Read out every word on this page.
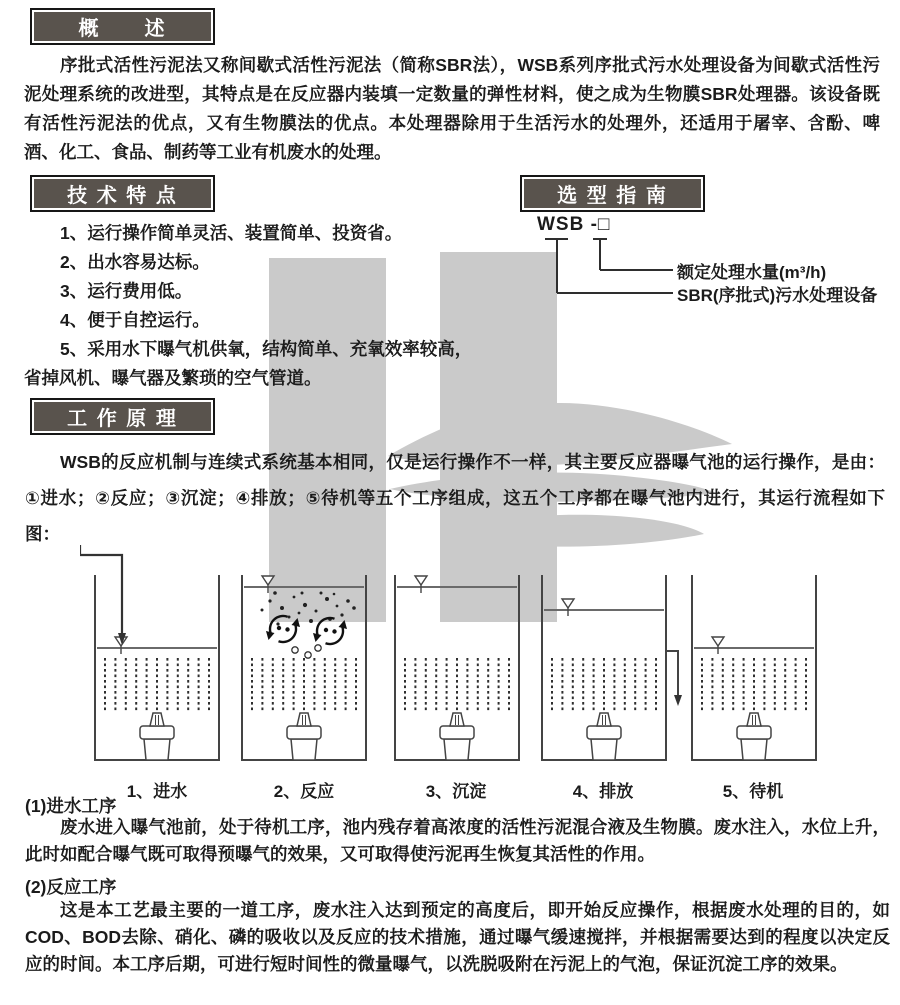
概　　述

序批式活性污泥法又称间歇式活性污泥法（简称SBR法），WSB系列序批式污水处理设备为间歇式活性污泥处理系统的改进型，其特点是在反应器内装填一定数量的弹性材料，使之成为生物膜SBR处理器。该设备既有活性污泥法的优点，又有生物膜法的优点。本处理器除用于生活污水的处理外，还适用于屠宰、含酚、啤酒、化工、食品、制药等工业有机废水的处理。

技 术 特 点
1、运行操作简单灵活、装置简单、投资省。
2、出水容易达标。
3、运行费用低。
4、便于自控运行。
5、采用水下曝气机供氧，结构简单、充氧效率较高，省掉风机、曝气器及繁琐的空气管道。
选 型 指 南
WSB -□
额定处理水量(m³/h)
SBR(序批式)污水处理设备
工 作 原 理

WSB的反应机制与连续式系统基本相同，仅是运行操作不一样，其主要反应器曝气池的运行操作，是由：①进水；②反应；③沉淀；④排放；⑤待机等五个工序组成，这五个工序都在曝气池内进行，其运行流程如下图：

1、进水	2、反应	3、沉淀	4、排放	5、待机
(1)进水工序

废水进入曝气池前，处于待机工序，池内残存着高浓度的活性污泥混合液及生物膜。废水注入，水位上升，此时如配合曝气既可取得预曝气的效果，又可取得使污泥再生恢复其活性的作用。

(2)反应工序

这是本工艺最主要的一道工序，废水注入达到预定的高度后，即开始反应操作，根据废水处理的目的，如COD、BOD去除、硝化、磷的吸收以及反应的技术措施，通过曝气缓速搅拌，并根据需要达到的程度以决定反应的时间。本工序后期，可进行短时间性的微量曝气，以洗脱吸附在污泥上的气泡，保证沉淀工序的效果。
